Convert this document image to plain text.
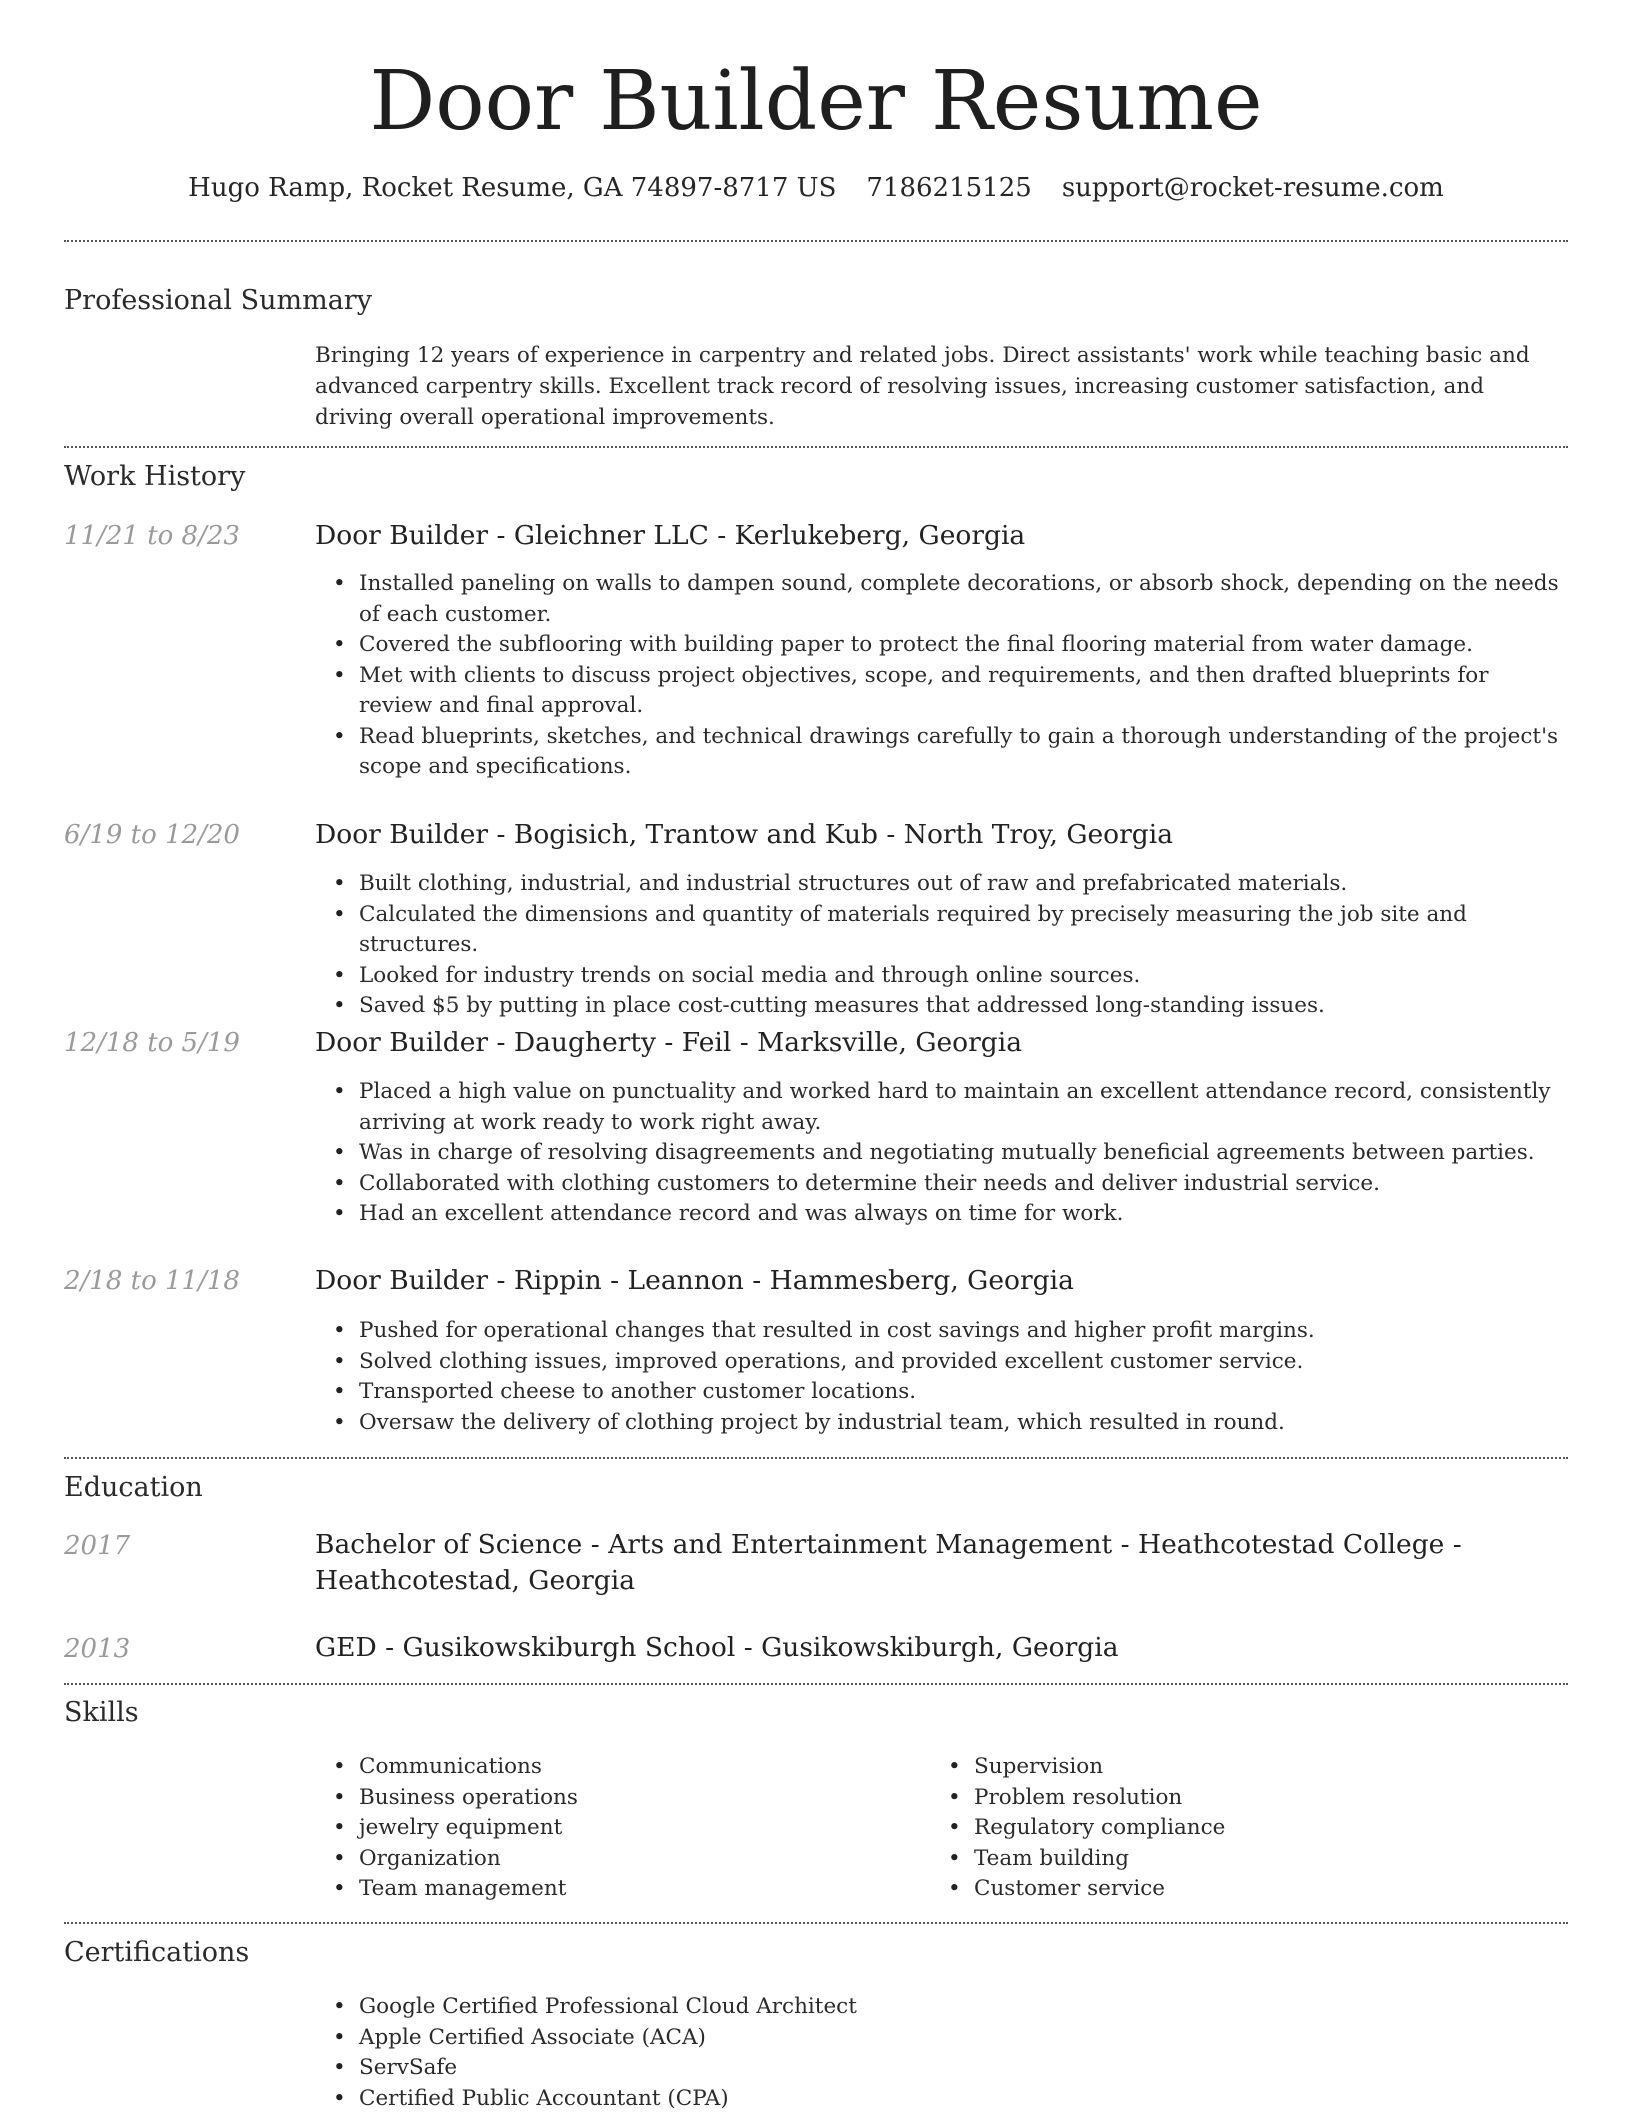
Door Builder Resume
Hugo Ramp, Rocket Resume, GA 74897-8717 US 7186215125 support@rocket-resume.com
Professional Summary
Bringing 12 years of experience in carpentry and related jobs. Direct assistants' work while teaching basic and advanced carpentry skills. Excellent track record of resolving issues, increasing customer satisfaction, and driving overall operational improvements.
Work History
11/21 to 8/23	Door Builder - Gleichner LLC - Kerlukeberg, Georgia
• Installed paneling on walls to dampen sound, complete decorations, or absorb shock, depending on the needs of each customer.
• Covered the subflooring with building paper to protect the final flooring material from water damage.
• Met with clients to discuss project objectives, scope, and requirements, and then drafted blueprints for review and final approval.
• Read blueprints, sketches, and technical drawings carefully to gain a thorough understanding of the project's scope and specifications.
6/19 to 12/20	Door Builder - Bogisich, Trantow and Kub - North Troy, Georgia
• Built clothing, industrial, and industrial structures out of raw and prefabricated materials.
• Calculated the dimensions and quantity of materials required by precisely measuring the job site and structures.
• Looked for industry trends on social media and through online sources.
• Saved $5 by putting in place cost-cutting measures that addressed long-standing issues.
12/18 to 5/19	Door Builder - Daugherty - Feil - Marksville, Georgia
• Placed a high value on punctuality and worked hard to maintain an excellent attendance record, consistently arriving at work ready to work right away.
• Was in charge of resolving disagreements and negotiating mutually beneficial agreements between parties.
• Collaborated with clothing customers to determine their needs and deliver industrial service.
• Had an excellent attendance record and was always on time for work.
2/18 to 11/18	Door Builder - Rippin - Leannon - Hammesberg, Georgia
• Pushed for operational changes that resulted in cost savings and higher profit margins.
• Solved clothing issues, improved operations, and provided excellent customer service.
• Transported cheese to another customer locations.
• Oversaw the delivery of clothing project by industrial team, which resulted in round.
Education
2017	Bachelor of Science - Arts and Entertainment Management - Heathcotestad College - Heathcotestad, Georgia
2013	GED - Gusikowskiburgh School - Gusikowskiburgh, Georgia
Skills
• Communications
• Business operations
• jewelry equipment
• Organization
• Team management
• Supervision
• Problem resolution
• Regulatory compliance
• Team building
• Customer service
Certifications
• Google Certified Professional Cloud Architect
• Apple Certified Associate (ACA)
• ServSafe
• Certified Public Accountant (CPA)
